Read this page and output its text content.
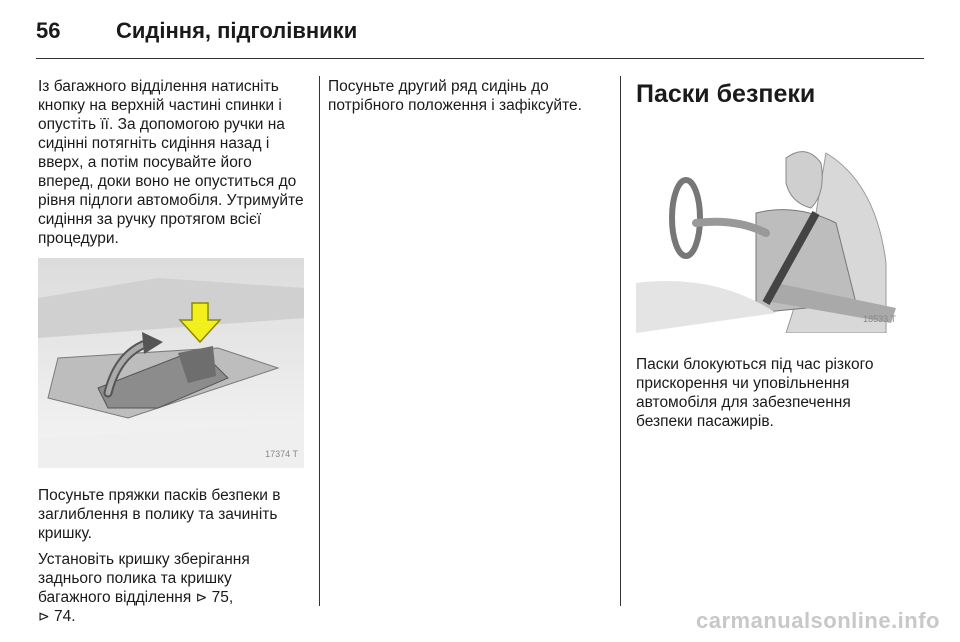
56	Сидіння, підголівники

Із багажного відділення натисніть кнопку на верхній частині спинки і опустіть її. За допомогою ручки на сидінні потягніть сидіння назад і вверх, а потім посувайте його вперед, доки воно не опуститься до рівня підлоги автомобіля. Утримуйте сидіння за ручку протягом всієї процедури.

17374 T

Посуньте пряжки пасків безпеки в заглиблення в полику та зачиніть кришку.

Установіть кришку зберігання заднього полика та кришку багажного відділення ⊳ 75,
⊳ 74.

Посуньте другий ряд сидінь до потрібного положення і зафіксуйте.	Паски безпеки
18533 T

Паски блокуються під час різкого прискорення чи уповільнення автомобіля для забезпечення безпеки пасажирів.

carmanualsonline.info
